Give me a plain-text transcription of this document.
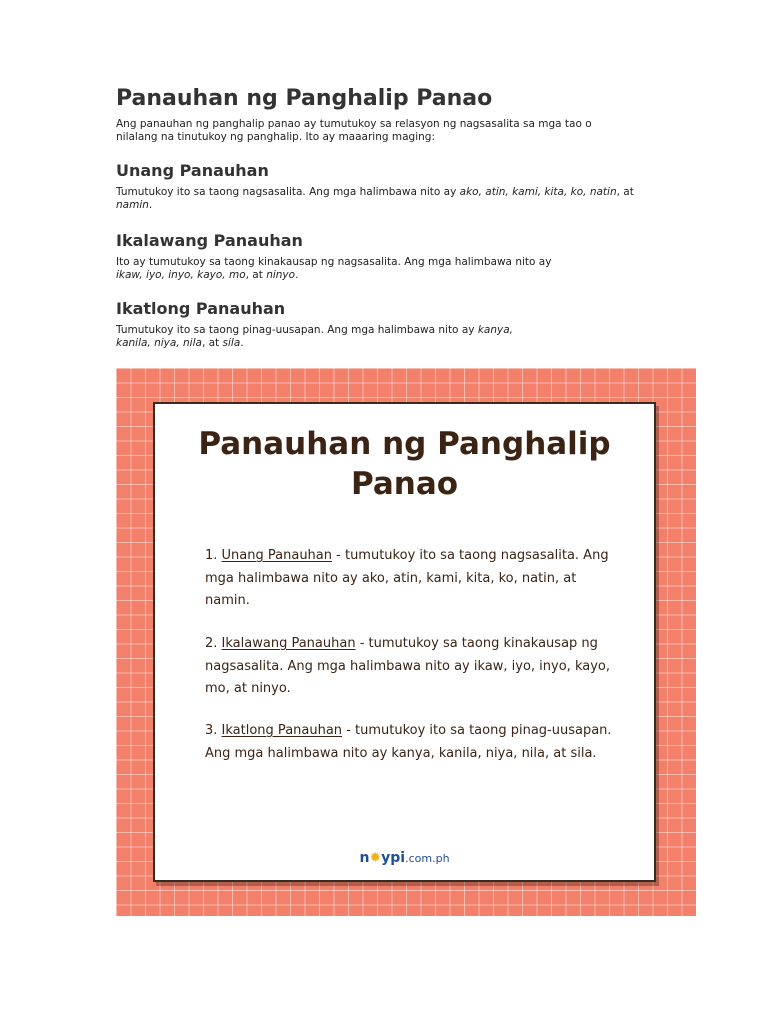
Panauhan ng Panghalip Panao

Ang panauhan ng panghalip panao ay tumutukoy sa relasyon ng nagsasalita sa mga tao o nilalang na tinutukoy ng panghalip. Ito ay maaaring maging:

Unang Panauhan

Tumutukoy ito sa taong nagsasalita. Ang mga halimbawa nito ay ako, atin, kami, kita, ko, natin, at namin.

Ikalawang Panauhan

Ito ay tumutukoy sa taong kinakausap ng nagsasalita. Ang mga halimbawa nito ay ikaw, iyo, inyo, kayo, mo, at ninyo.

Ikatlong Panauhan

Tumutukoy ito sa taong pinag-uusapan. Ang mga halimbawa nito ay kanya, kanila, niya, nila, at sila.

Panauhan ng Panghalip Panao

1. Unang Panauhan - tumutukoy ito sa taong nagsasalita. Ang mga halimbawa nito ay ako, atin, kami, kita, ko, natin, at namin.

2. Ikalawang Panauhan - tumutukoy sa taong kinakausap ng nagsasalita. Ang mga halimbawa nito ay ikaw, iyo, inyo, kayo, mo, at ninyo.

3. Ikatlong Panauhan - tumutukoy ito sa taong pinag-uusapan. Ang mga halimbawa nito ay kanya, kanila, niya, nila, at sila.

n✹ypi.com.ph
